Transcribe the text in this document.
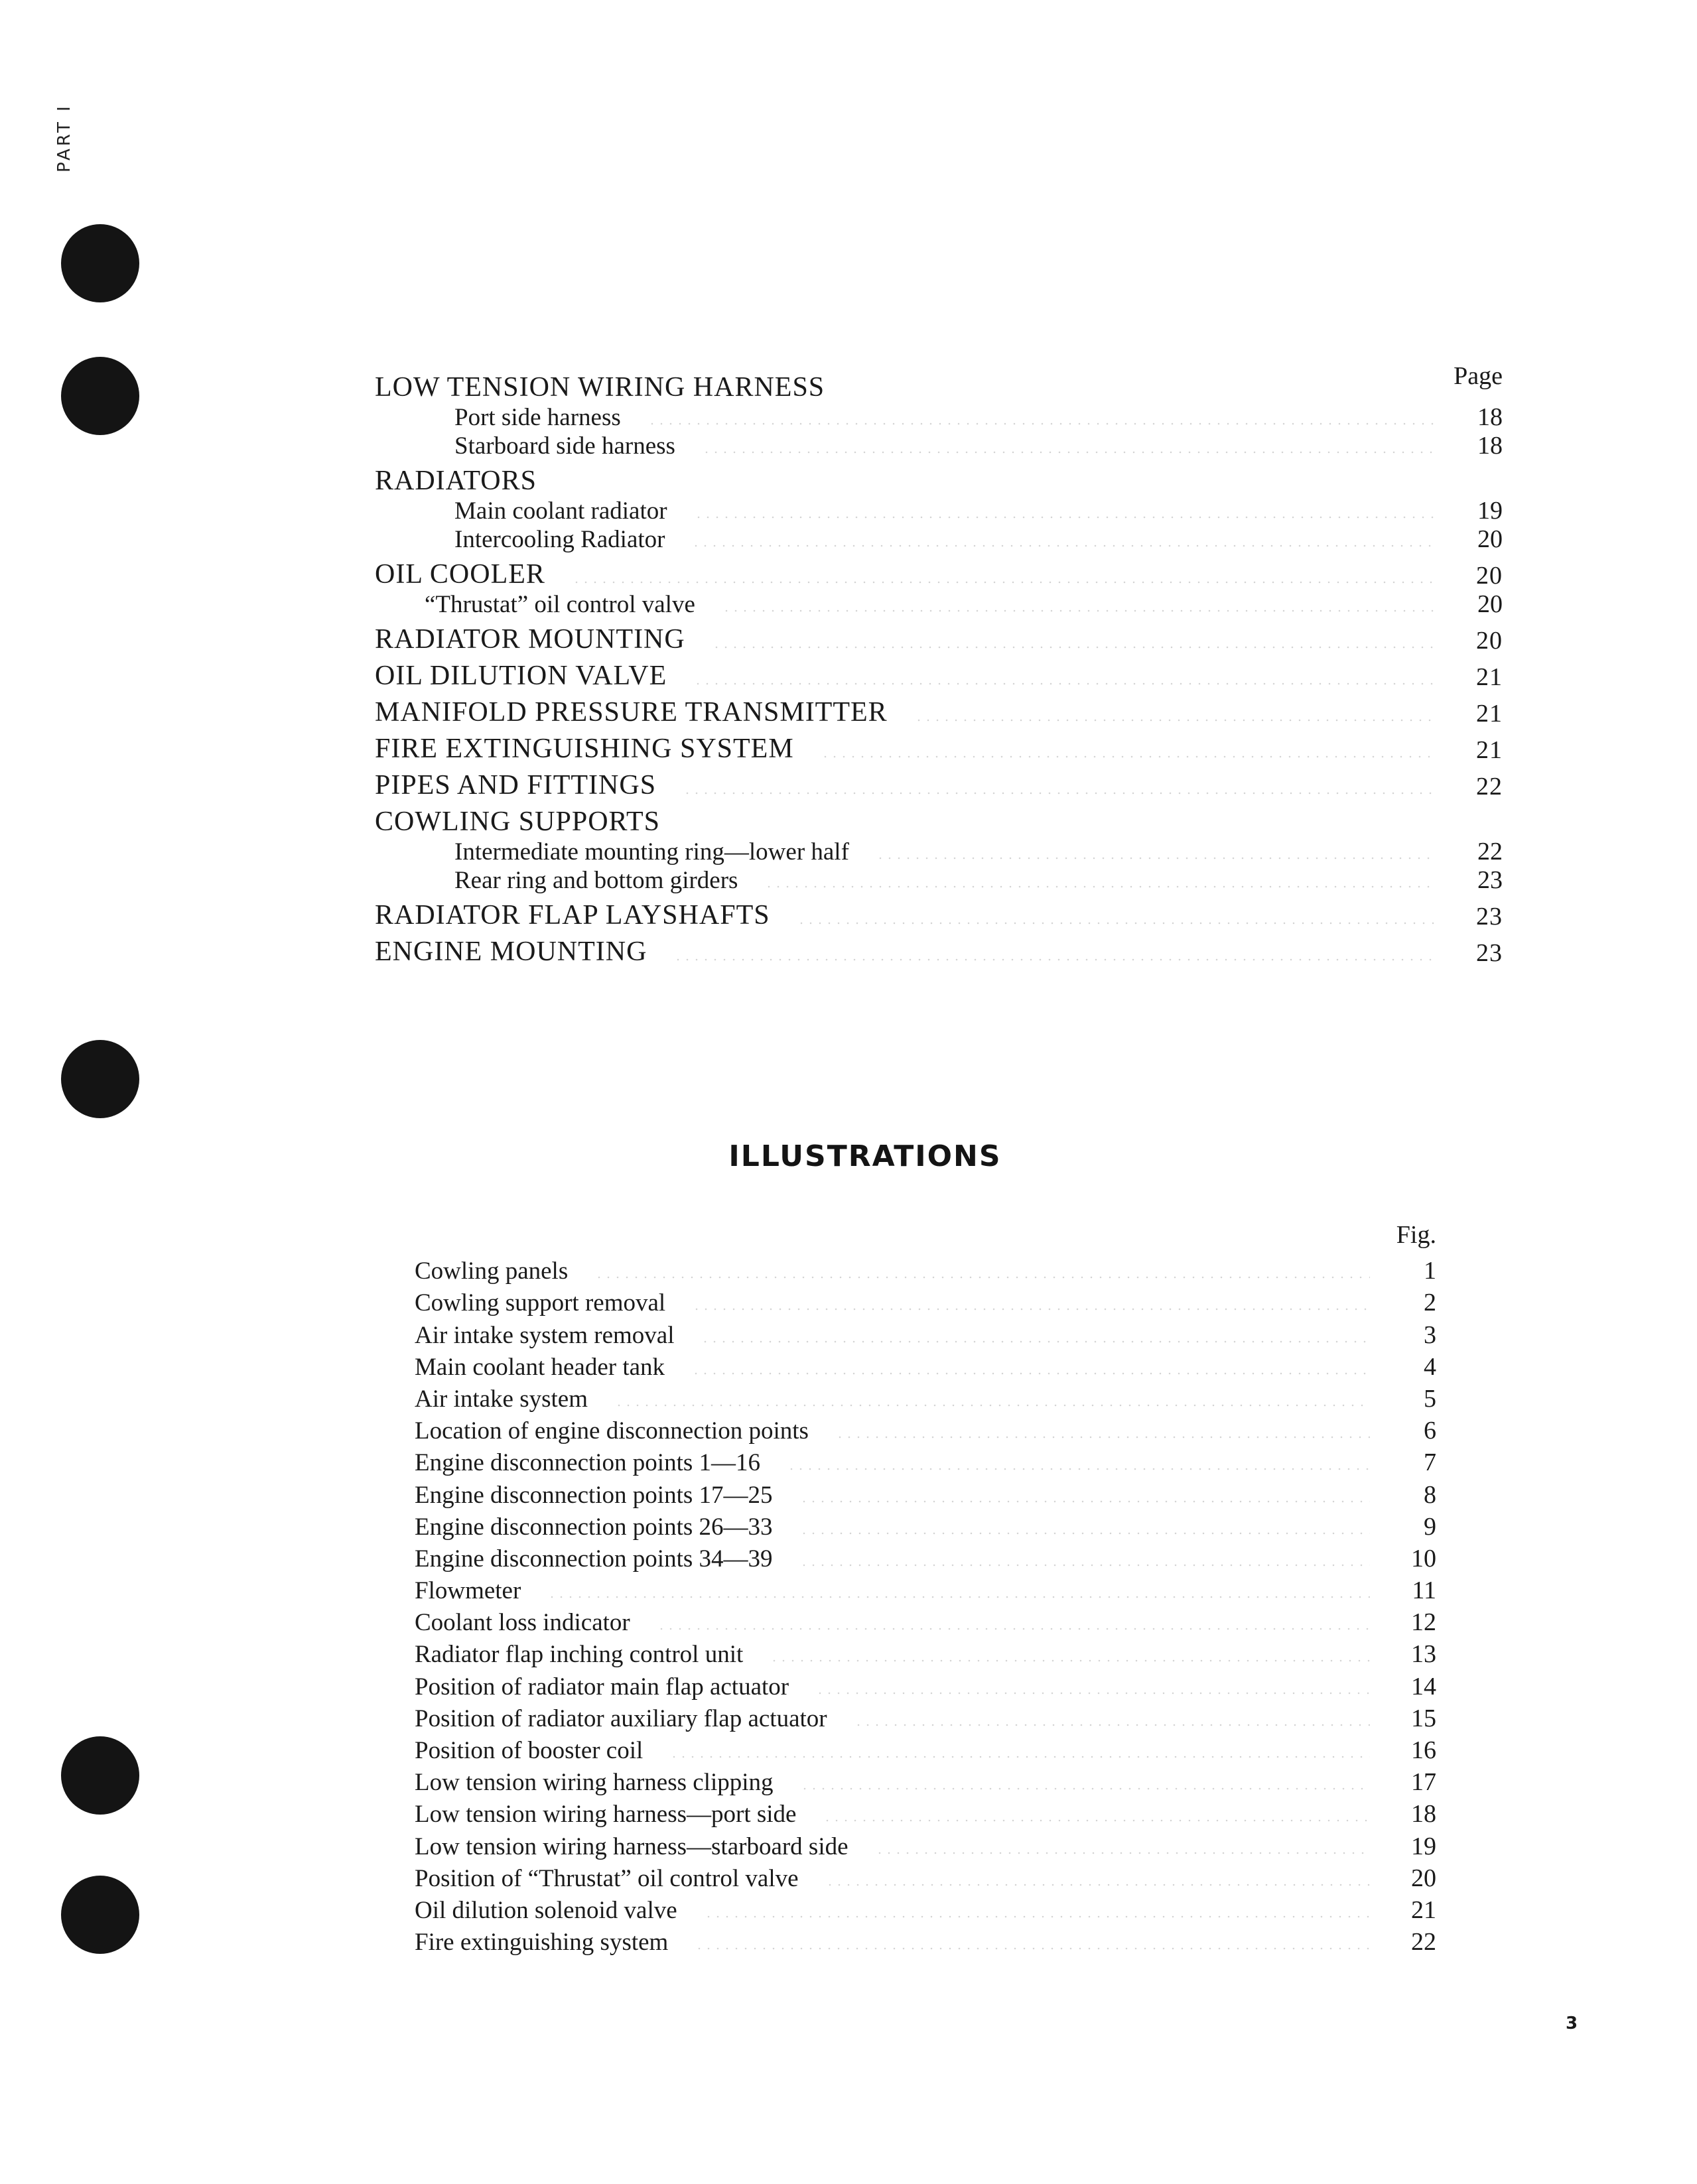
PART I
Page
LOW TENSION WIRING HARNESS
Port side harness	18
Starboard side harness	18
RADIATORS
Main coolant radiator	19
Intercooling Radiator	20
OIL COOLER	20
“Thrustat” oil control valve	20
RADIATOR MOUNTING	20
OIL DILUTION VALVE	21
MANIFOLD PRESSURE TRANSMITTER	21
FIRE EXTINGUISHING SYSTEM	21
PIPES AND FITTINGS	22
COWLING SUPPORTS
Intermediate mounting ring—lower half	22
Rear ring and bottom girders	23
RADIATOR FLAP LAYSHAFTS	23
ENGINE MOUNTING	23
ILLUSTRATIONS
Fig.
Cowling panels	1
Cowling support removal	2
Air intake system removal	3
Main coolant header tank	4
Air intake system	5
Location of engine disconnection points	6
Engine disconnection points 1—16	7
Engine disconnection points 17—25	8
Engine disconnection points 26—33	9
Engine disconnection points 34—39	10
Flowmeter	11
Coolant loss indicator	12
Radiator flap inching control unit	13
Position of radiator main flap actuator	14
Position of radiator auxiliary flap actuator	15
Position of booster coil	16
Low tension wiring harness clipping	17
Low tension wiring harness—port side	18
Low tension wiring harness—starboard side	19
Position of “Thrustat” oil control valve	20
Oil dilution solenoid valve	21
Fire extinguishing system	22
3
